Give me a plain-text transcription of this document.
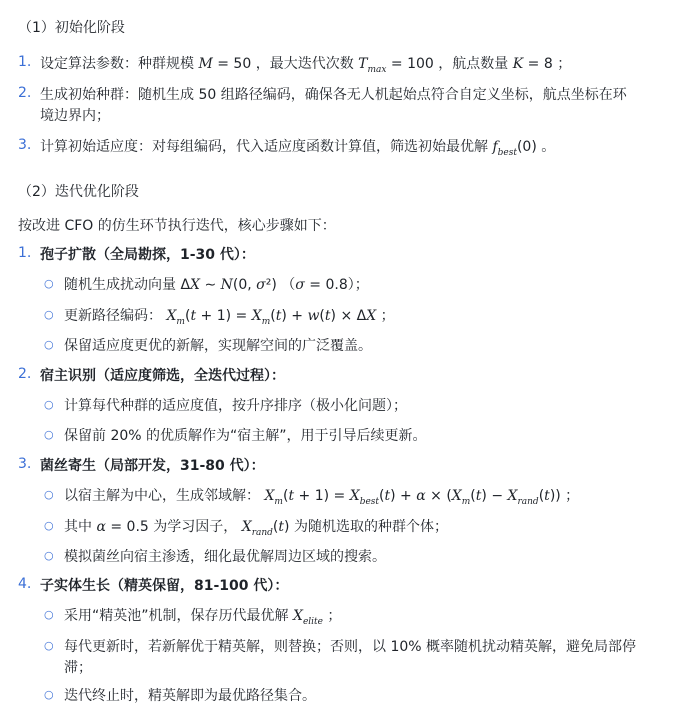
（1）初始化阶段
1. 设定算法参数：种群规模 M = 50 ，最大迭代次数 $T_{max} = 100$ ，航点数量 K = 8 ；
2. 生成初始种群：随机生成 50 组路径编码，确保各无人机起始点符合自定义坐标，航点坐标在环
境边界内；
3. 计算初始适应度：对每组编码，代入适应度函数计算值，筛选初始最优解 $f_{best}(0)$ 。
（2）迭代优化阶段
按改进 CFO 的仿生环节执行迭代，核心步骤如下：
1. 孢子扩散（全局勘探，1-30 代）：
○ 随机生成扰动向量 ΔX ∼ N(0, σ²) （σ = 0.8）；
○ 更新路径编码： $X_m(t + 1) = X_m(t) + w(t) \times \Delta X$ ；
○ 保留适应度更优的新解，实现解空间的广泛覆盖。
2. 宿主识别（适应度筛选，全迭代过程）：
○ 计算每代种群的适应度值，按升序排序（极小化问题）；
○ 保留前 20% 的优质解作为“宿主解”，用于引导后续更新。
3. 菌丝寄生（局部开发，31-80 代）：
○ 以宿主解为中心，生成邻域解： $X_m(t + 1) = X_{best}(t) + \alpha \times (X_m(t) - X_{rand}(t))$ ；
○ 其中 α = 0.5 为学习因子， $X_{rand}(t)$ 为随机选取的种群个体；
○ 模拟菌丝向宿主渗透，细化最优解周边区域的搜索。
4. 子实体生长（精英保留，81-100 代）：
○ 采用“精英池”机制，保存历代最优解 $X_{elite}$ ；
○ 每代更新时，若新解优于精英解，则替换；否则，以 10% 概率随机扰动精英解，避免局部停
滞；
○ 迭代终止时，精英解即为最优路径集合。
